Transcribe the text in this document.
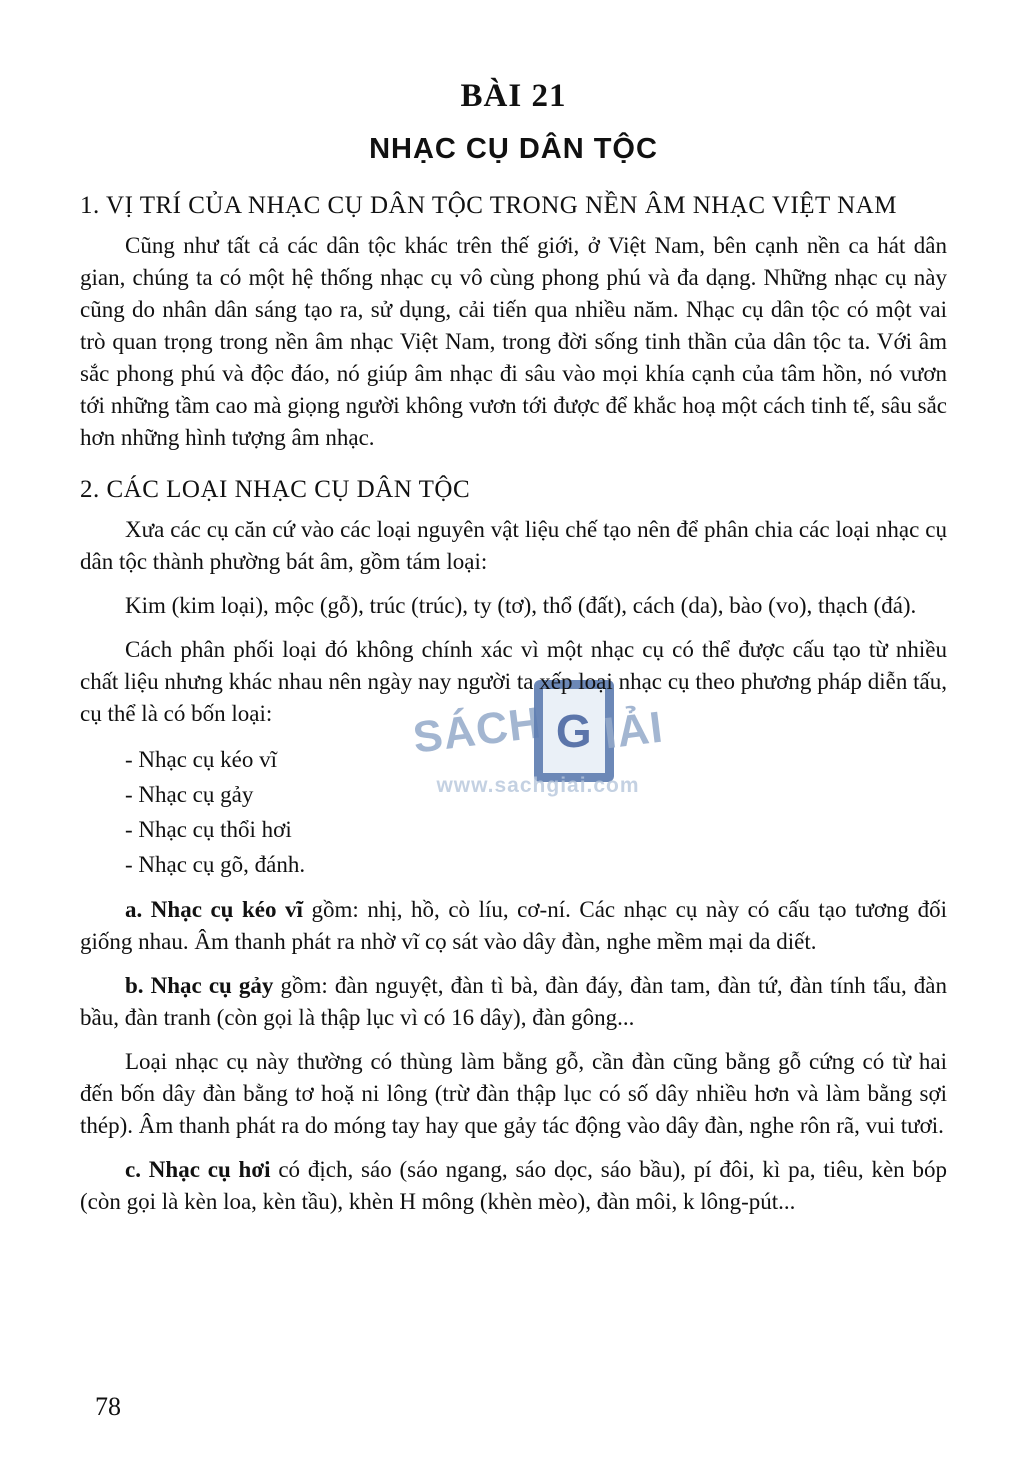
SÁCH G IẢI
www.sachgiai.com
BÀI 21
NHẠC CỤ DÂN TỘC
1. VỊ TRÍ CỦA NHẠC CỤ DÂN TỘC TRONG NỀN ÂM NHẠC VIỆT NAM

Cũng như tất cả các dân tộc khác trên thế giới, ở Việt Nam, bên cạnh nền ca hát dân gian, chúng ta có một hệ thống nhạc cụ vô cùng phong phú và đa dạng. Những nhạc cụ này cũng do nhân dân sáng tạo ra, sử dụng, cải tiến qua nhiều năm. Nhạc cụ dân tộc có một vai trò quan trọng trong nền âm nhạc Việt Nam, trong đời sống tinh thần của dân tộc ta. Với âm sắc phong phú và độc đáo, nó giúp âm nhạc đi sâu vào mọi khía cạnh của tâm hồn, nó vươn tới những tầm cao mà giọng người không vươn tới được để khắc hoạ một cách tinh tế, sâu sắc hơn những hình tượng âm nhạc.

2. CÁC LOẠI NHẠC CỤ DÂN TỘC

Xưa các cụ căn cứ vào các loại nguyên vật liệu chế tạo nên để phân chia các loại nhạc cụ dân tộc thành phường bát âm, gồm tám loại:

Kim (kim loại), mộc (gỗ), trúc (trúc), ty (tơ), thổ (đất), cách (da), bào (vo), thạch (đá).

Cách phân phối loại đó không chính xác vì một nhạc cụ có thể được cấu tạo từ nhiều chất liệu nhưng khác nhau nên ngày nay người ta xếp loại nhạc cụ theo phương pháp diễn tấu, cụ thể là có bốn loại:

- Nhạc cụ kéo vĩ
- Nhạc cụ gảy
- Nhạc cụ thổi hơi
- Nhạc cụ gõ, đánh.

a. Nhạc cụ kéo vĩ gồm: nhị, hồ, cò líu, cơ-ní. Các nhạc cụ này có cấu tạo tương đối giống nhau. Âm thanh phát ra nhờ vĩ cọ sát vào dây đàn, nghe mềm mại da diết.

b. Nhạc cụ gảy gồm: đàn nguyệt, đàn tì bà, đàn đáy, đàn tam, đàn tứ, đàn tính tẩu, đàn bầu, đàn tranh (còn gọi là thập lục vì có 16 dây), đàn gông...

Loại nhạc cụ này thường có thùng làm bằng gỗ, cần đàn cũng bằng gỗ cứng có từ hai đến bốn dây đàn bằng tơ hoặ ni lông (trừ đàn thập lục có số dây nhiều hơn và làm bằng sợi thép). Âm thanh phát ra do móng tay hay que gảy tác động vào dây đàn, nghe rôn rã, vui tươi.

c. Nhạc cụ hơi có địch, sáo (sáo ngang, sáo dọc, sáo bầu), pí đôi, kì pa, tiêu, kèn bóp (còn gọi là kèn loa, kèn tầu), khèn H mông (khèn mèo), đàn môi, k lông-pút...

78
